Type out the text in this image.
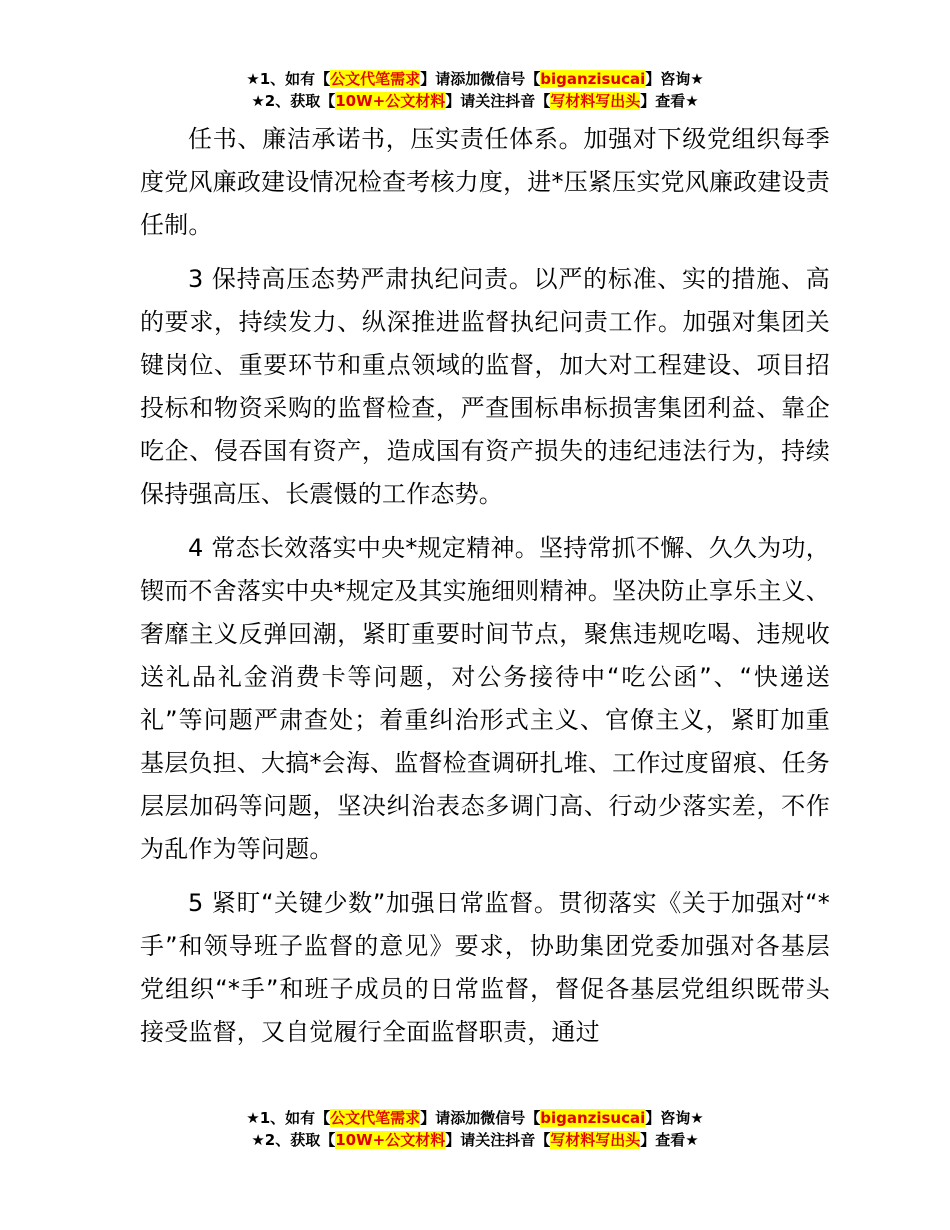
★1、如有【公文代笔需求】请添加微信号【biganzisucai】咨询★
★2、获取【10W+公文材料】请关注抖音【写材料写出头】查看★

任书、廉洁承诺书，压实责任体系。加强对下级党组织每季度党风廉政建设情况检查考核力度，进*压紧压实党风廉政建设责任制。

3 保持高压态势严肃执纪问责。以严的标准、实的措施、高的要求，持续发力、纵深推进监督执纪问责工作。加强对集团关键岗位、重要环节和重点领域的监督，加大对工程建设、项目招投标和物资采购的监督检查，严查围标串标损害集团利益、靠企吃企、侵吞国有资产，造成国有资产损失的违纪违法行为，持续保持强高压、长震慑的工作态势。

4 常态长效落实中央*规定精神。坚持常抓不懈、久久为功，锲而不舍落实中央*规定及其实施细则精神。坚决防止享乐主义、奢靡主义反弹回潮，紧盯重要时间节点，聚焦违规吃喝、违规收送礼品礼金消费卡等问题，对公务接待中“吃公函”、“快递送礼”等问题严肃查处；着重纠治形式主义、官僚主义，紧盯加重基层负担、大搞*会海、监督检查调研扎堆、工作过度留痕、任务层层加码等问题，坚决纠治表态多调门高、行动少落实差，不作为乱作为等问题。

5 紧盯“关键少数”加强日常监督。贯彻落实《关于加强对“*手”和领导班子监督的意见》要求，协助集团党委加强对各基层党组织“*手”和班子成员的日常监督，督促各基层党组织既带头接受监督，又自觉履行全面监督职责，通过

★1、如有【公文代笔需求】请添加微信号【biganzisucai】咨询★
★2、获取【10W+公文材料】请关注抖音【写材料写出头】查看★
